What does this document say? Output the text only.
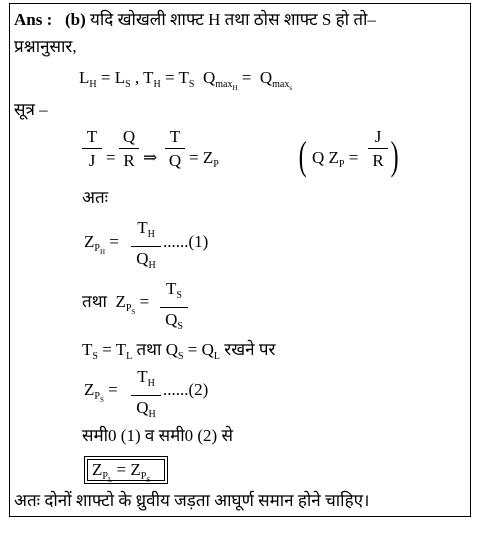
Ans : (b) यदि खोखली शाफ्ट H तथा ठोस शाफ्ट S हो तो–
प्रश्नानुसार,
$L_H = L_S$ , $T_H = T_S$  $Q_{max_H} = Q_{max_s}$
सूत्र –
T
J =
Q
R ⇒
T
$Q = Z_P$ ( Q $Z_P$ =
J
R )
अतः
$Z_{P_H}$ =
$T_H$
$Q_H$
......(1)
तथा  $Z_{P_S}$ =
$T_S$
$Q_S$
$T_S = T_L$ तथा $Q_S = Q_L$ रखने पर
$Z_{P_S}$ =
$T_H$
$Q_H$
......(2)
समी0 (1) व समी0 (2) से
$Z_{P_L} = Z_{P_S}$
अतः दोनों शाफ्टो के ध्रुवीय जड़ता आघूर्ण समान होने चाहिए।
